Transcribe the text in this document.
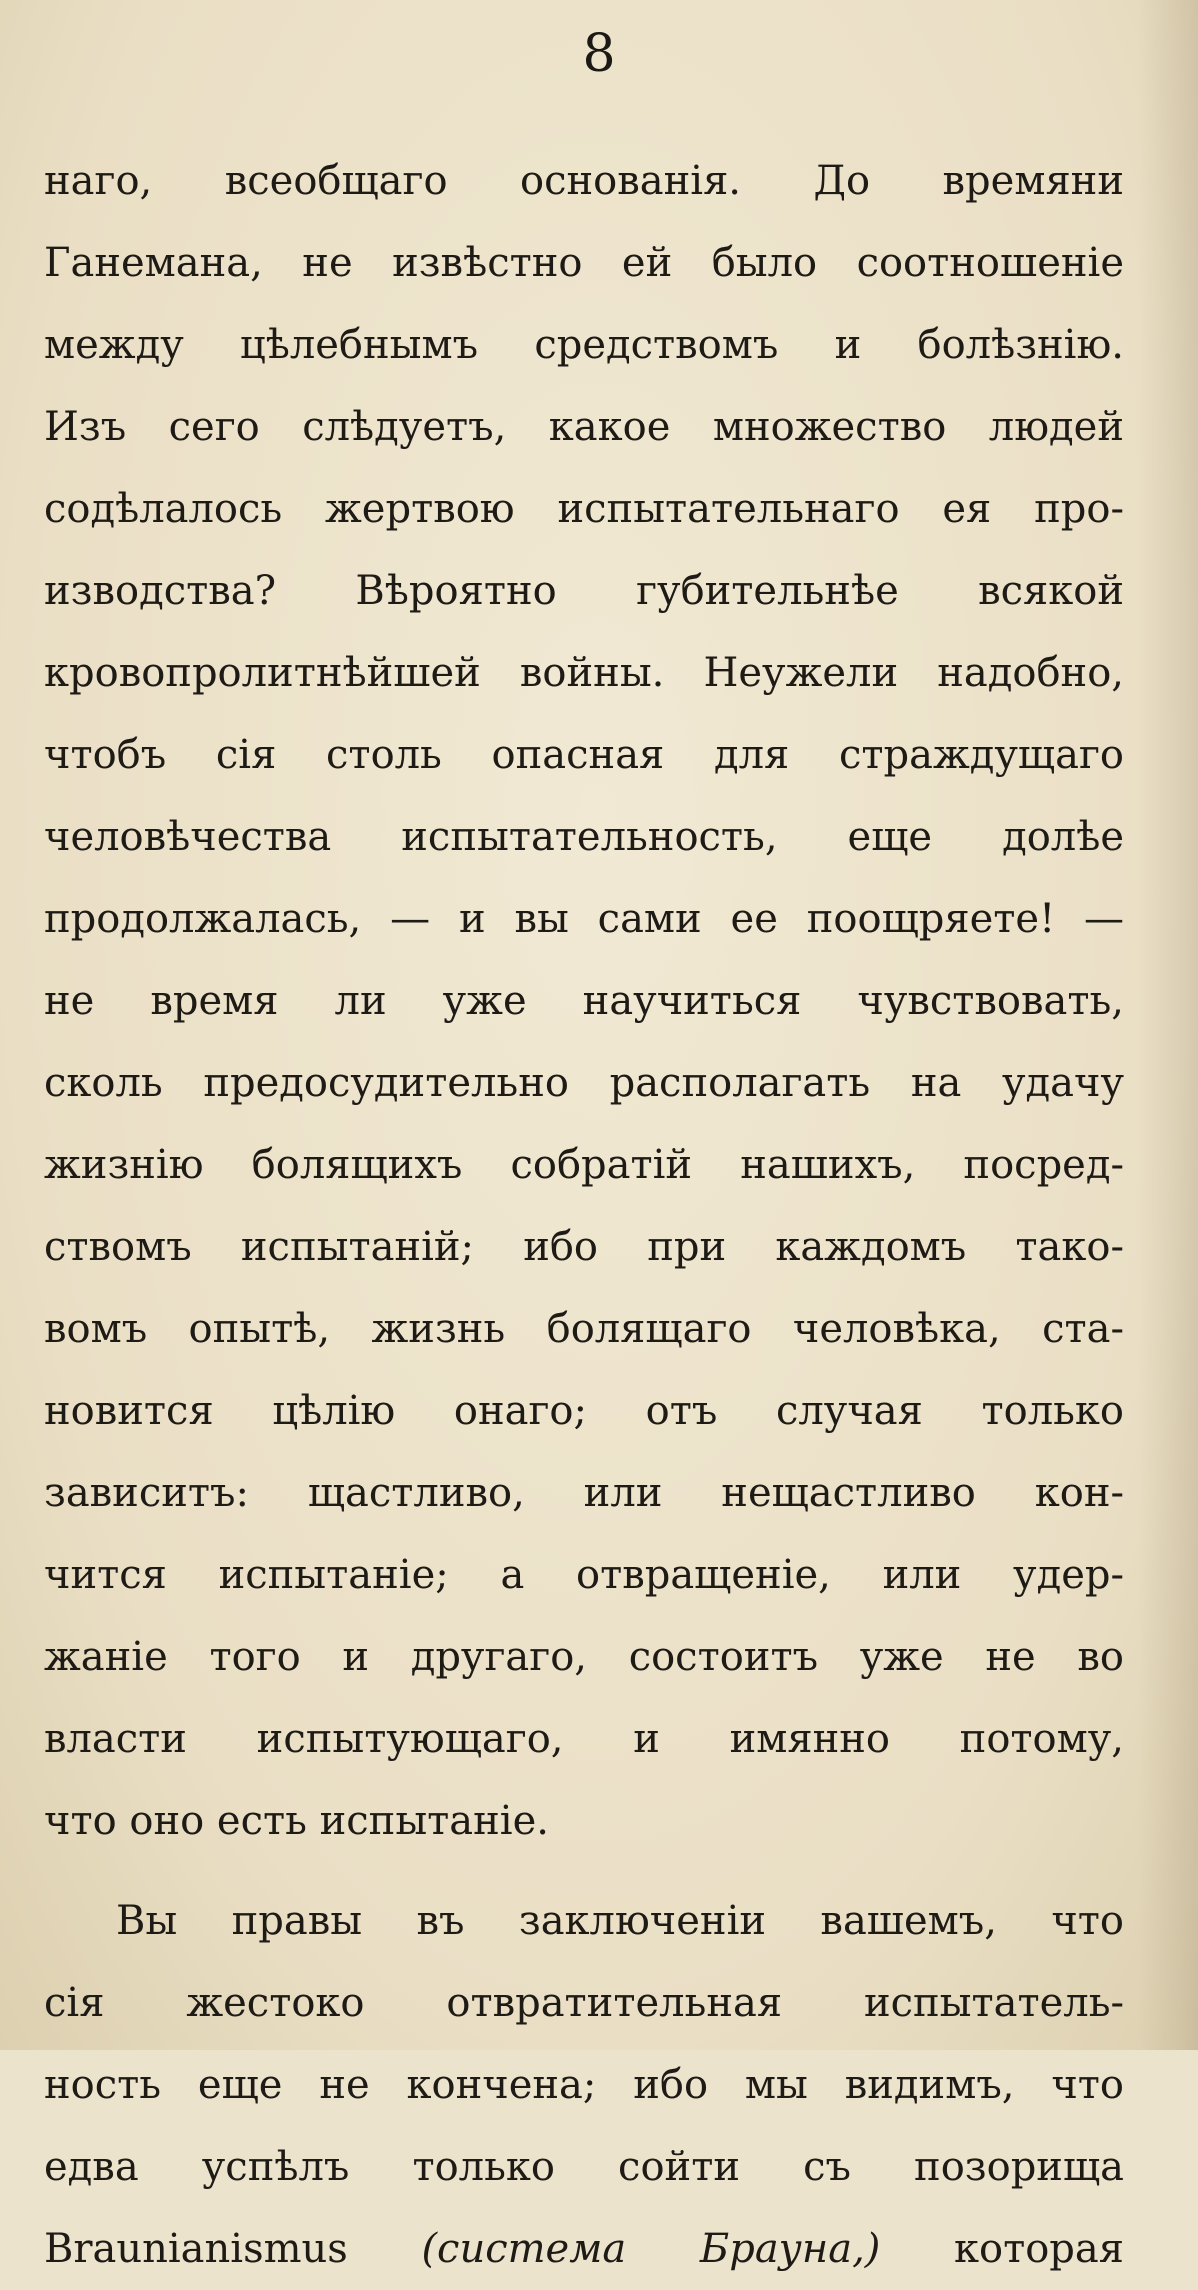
8
наго, всеобщаго основанія. До времяни
Ганемана, не извѣстно ей было соотношеніе
между цѣлебнымъ средствомъ и болѣзнію.
Изъ сего слѣдуетъ, какое множество людей
содѣлалось жертвою испытательнаго ея про-
изводства? Вѣроятно губительнѣе всякой
кровопролитнѣйшей войны. Неужели надобно,
чтобъ сія столь опасная для страждущаго
человѣчества испытательность, еще долѣе
продолжалась, — и вы сами ее поощряете! —
не время ли уже научиться чувствовать,
сколь предосудительно располагать на удачу
жизнію болящихъ собратій нашихъ, посред-
ствомъ испытаній; ибо при каждомъ тако-
вомъ опытѣ, жизнь болящаго человѣка, ста-
новится цѣлію онаго; отъ случая только
зависитъ: щастливо, или нещастливо кон-
чится испытаніе; а отвращеніе, или удер-
жаніе того и другаго, состоитъ уже не во
власти испытующаго, и имянно потому,
что оно есть испытаніе.
Вы правы въ заключеніи вашемъ, что
сія жестоко отвратительная испытатель-
ность еще не кончена; ибо мы видимъ, что
едва успѣлъ только сойти съ позорища
Braunianismus (система Брауна,) которая
